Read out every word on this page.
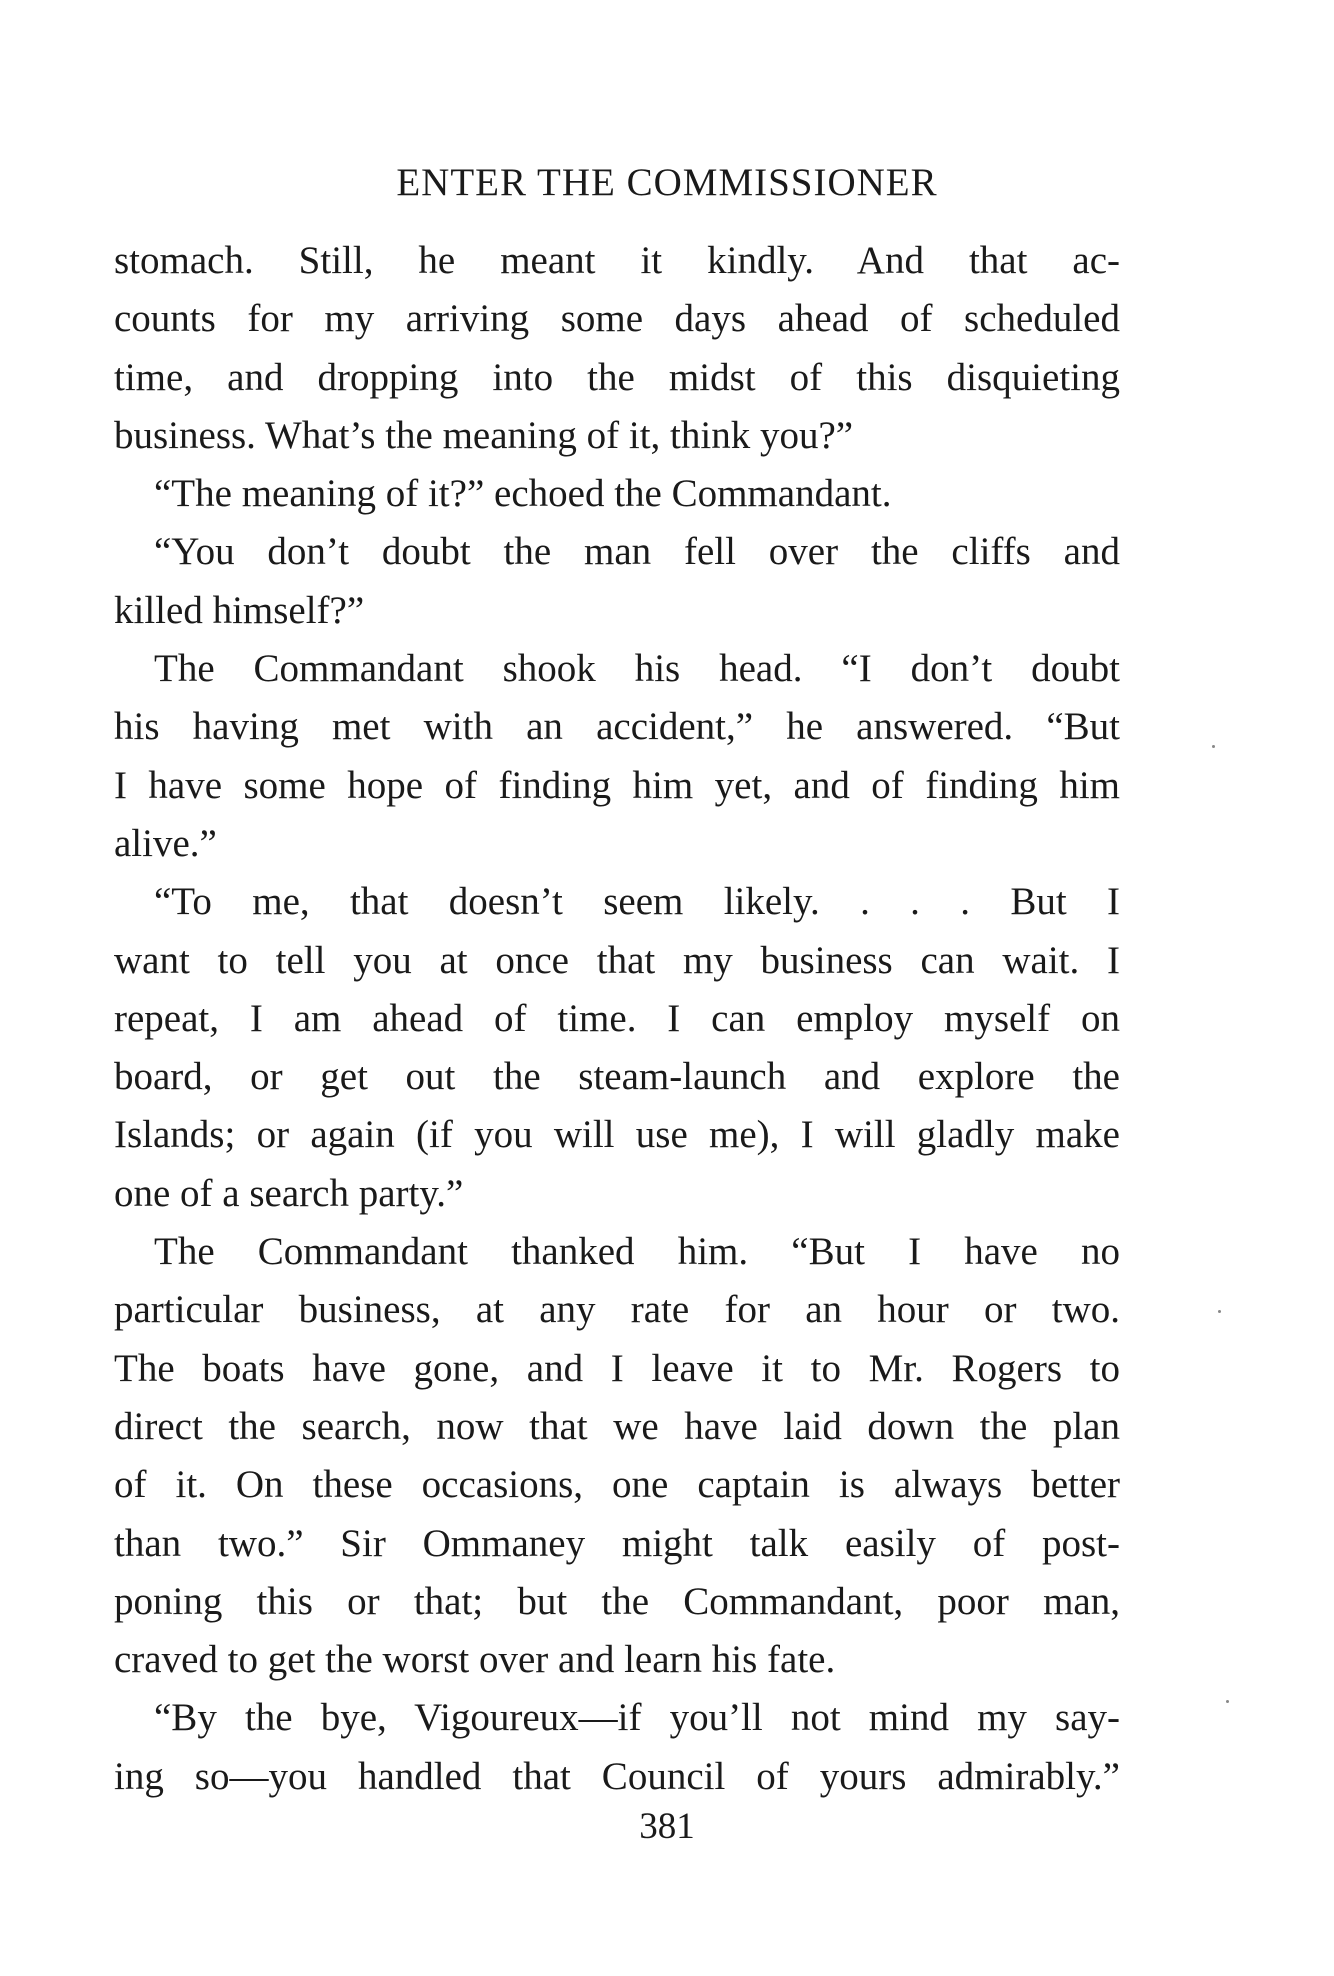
ENTER THE COMMISSIONER
stomach. Still, he meant it kindly. And that ac-
counts for my arriving some days ahead of scheduled
time, and dropping into the midst of this disquieting
business. What’s the meaning of it, think you?”
“The meaning of it?” echoed the Commandant.
“You don’t doubt the man fell over the cliffs and
killed himself?”
The Commandant shook his head. “I don’t doubt
his having met with an accident,” he answered. “But
I have some hope of finding him yet, and of finding him
alive.”
“To me, that doesn’t seem likely. . . . But I
want to tell you at once that my business can wait. I
repeat, I am ahead of time. I can employ myself on
board, or get out the steam-launch and explore the
Islands; or again (if you will use me), I will gladly make
one of a search party.”
The Commandant thanked him. “But I have no
particular business, at any rate for an hour or two.
The boats have gone, and I leave it to Mr. Rogers to
direct the search, now that we have laid down the plan
of it. On these occasions, one captain is always better
than two.” Sir Ommaney might talk easily of post-
poning this or that; but the Commandant, poor man,
craved to get the worst over and learn his fate.
“By the bye, Vigoureux—if you’ll not mind my say-
ing so—you handled that Council of yours admirably.”
381
